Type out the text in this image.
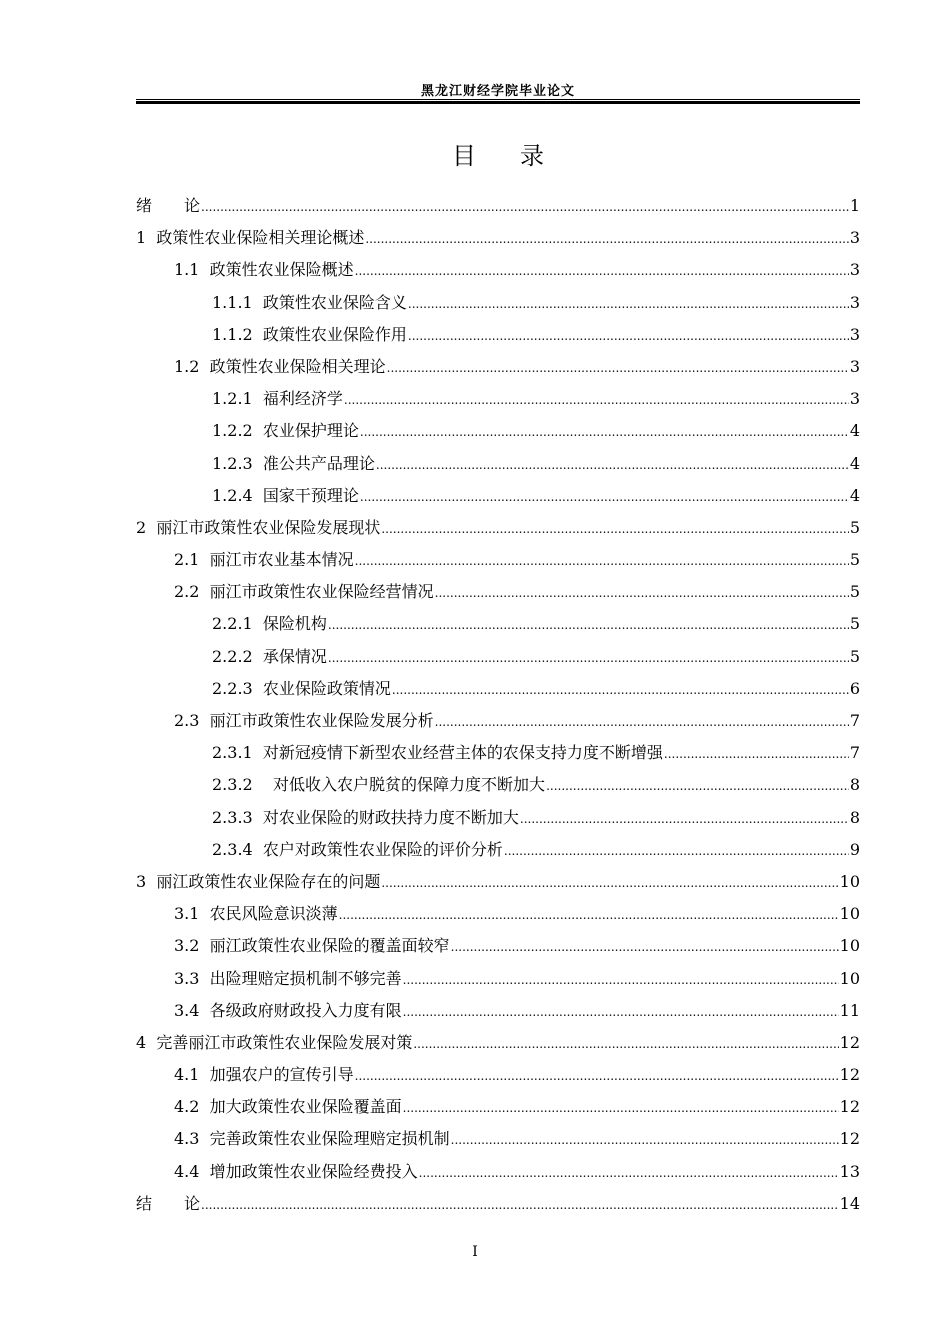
黑龙江财经学院毕业论文
目录
绪　　论 .....	1
1  政策性农业保险相关理论概述 .....	3
1.1  政策性农业保险概述 .....	3
1.1.1  政策性农业保险含义 .....	3
1.1.2  政策性农业保险作用 .....	3
1.2  政策性农业保险相关理论 .....	3
1.2.1  福利经济学 .....	3
1.2.2  农业保护理论 .....	4
1.2.3  准公共产品理论 .....	4
1.2.4  国家干预理论 .....	4
2  丽江市政策性农业保险发展现状 .....	5
2.1  丽江市农业基本情况 .....	5
2.2  丽江市政策性农业保险经营情况 .....	5
2.2.1  保险机构 .....	5
2.2.2  承保情况 .....	5
2.2.3  农业保险政策情况 .....	6
2.3  丽江市政策性农业保险发展分析 .....	7
2.3.1  对新冠疫情下新型农业经营主体的农保支持力度不断增强 .....	7
2.3.2    对低收入农户脱贫的保障力度不断加大 .....	8
2.3.3  对农业保险的财政扶持力度不断加大 .....	8
2.3.4  农户对政策性农业保险的评价分析 .....	9
3  丽江政策性农业保险存在的问题 .....	10
3.1  农民风险意识淡薄 .....	10
3.2  丽江政策性农业保险的覆盖面较窄 .....	10
3.3  出险理赔定损机制不够完善 .....	10
3.4  各级政府财政投入力度有限 .....	11
4  完善丽江市政策性农业保险发展对策 .....	12
4.1  加强农户的宣传引导 .....	12
4.2  加大政策性农业保险覆盖面 .....	12
4.3  完善政策性农业保险理赔定损机制 .....	12
4.4  增加政策性农业保险经费投入 .....	13
结　　论 .....	14
I
